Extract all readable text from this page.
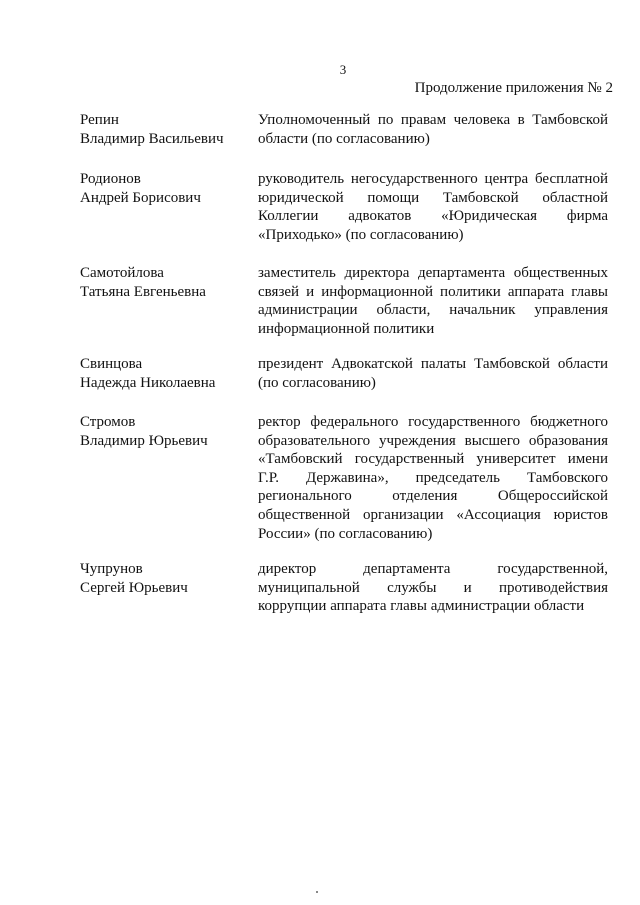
3
Продолжение приложения № 2
Репин
Владимир Васильевич
Уполномоченный по правам человека в Тамбовской
области (по согласованию)
Родионов
Андрей Борисович
руководитель негосударственного центра бесплатной
юридической помощи Тамбовской областной
Коллегии адвокатов «Юридическая фирма
«Приходько» (по согласованию)
Самотойлова
Татьяна Евгеньевна
заместитель директора департамента общественных
связей и информационной политики аппарата главы
администрации области, начальник управления
информационной политики
Свинцова
Надежда Николаевна
президент Адвокатской палаты Тамбовской области
(по согласованию)
Стромов
Владимир Юрьевич
ректор федерального государственного бюджетного
образовательного учреждения высшего образования
«Тамбовский государственный университет имени
Г.Р. Державина», председатель Тамбовского
регионального отделения Общероссийской
общественной организации «Ассоциация юристов
России» (по согласованию)
Чупрунов
Сергей Юрьевич
директор департамента государственной,
муниципальной службы и противодействия
коррупции аппарата главы администрации области
